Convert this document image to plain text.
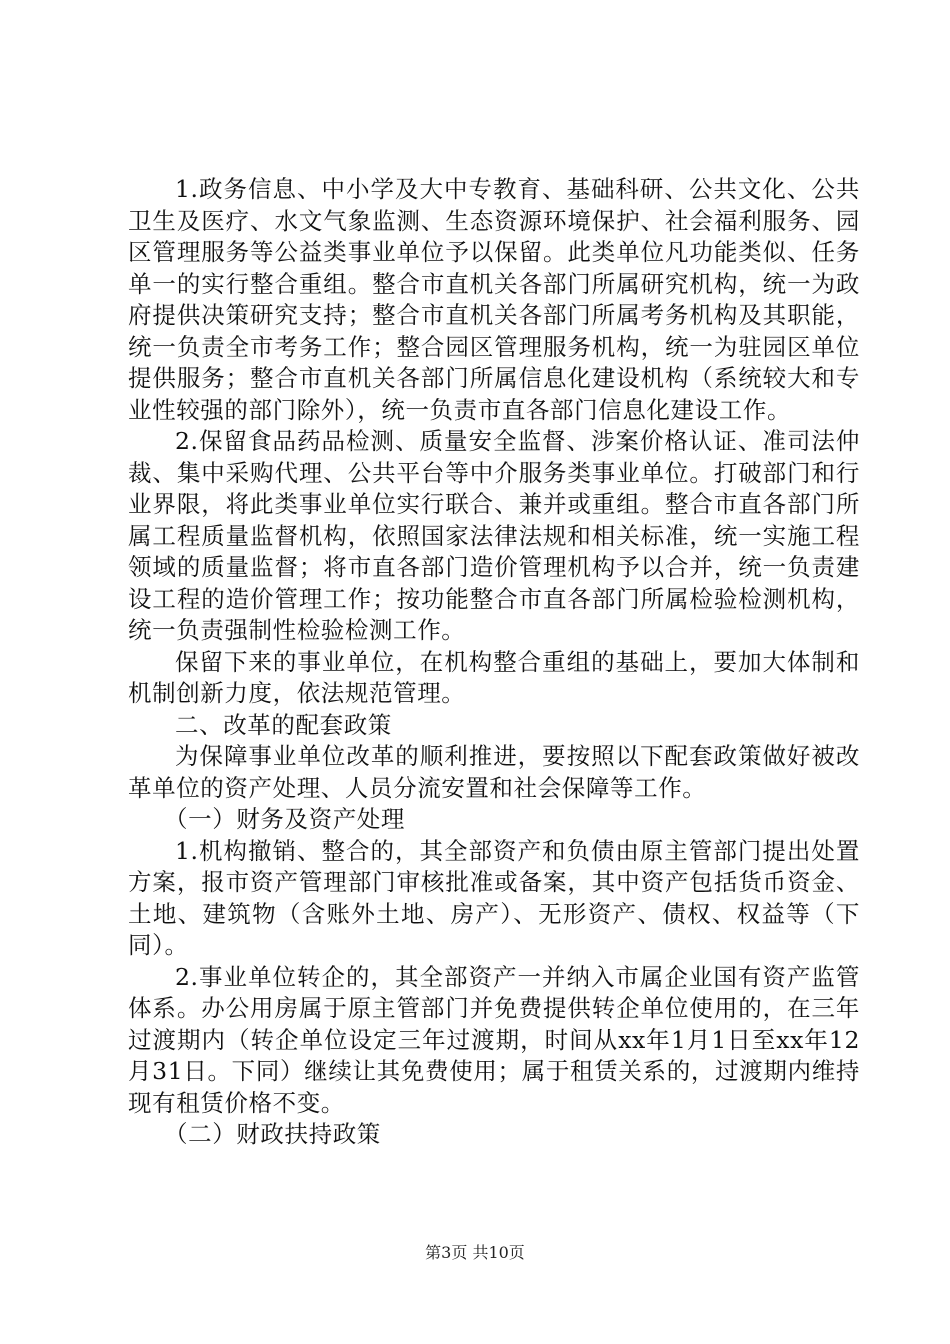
1.政务信息、中小学及大中专教育、基础科研、公共文化、公共卫生及医疗、水文气象监测、生态资源环境保护、社会福利服务、园区管理服务等公益类事业单位予以保留。此类单位凡功能类似、任务单一的实行整合重组。整合市直机关各部门所属研究机构，统一为政府提供决策研究支持；整合市直机关各部门所属考务机构及其职能，统一负责全市考务工作；整合园区管理服务机构，统一为驻园区单位提供服务；整合市直机关各部门所属信息化建设机构（系统较大和专业性较强的部门除外），统一负责市直各部门信息化建设工作。

2.保留食品药品检测、质量安全监督、涉案价格认证、准司法仲裁、集中采购代理、公共平台等中介服务类事业单位。打破部门和行业界限，将此类事业单位实行联合、兼并或重组。整合市直各部门所属工程质量监督机构，依照国家法律法规和相关标准，统一实施工程领域的质量监督；将市直各部门造价管理机构予以合并，统一负责建设工程的造价管理工作；按功能整合市直各部门所属检验检测机构，统一负责强制性检验检测工作。

保留下来的事业单位，在机构整合重组的基础上，要加大体制和机制创新力度，依法规范管理。

二、改革的配套政策

为保障事业单位改革的顺利推进，要按照以下配套政策做好被改革单位的资产处理、人员分流安置和社会保障等工作。

（一）财务及资产处理

1.机构撤销、整合的，其全部资产和负债由原主管部门提出处置方案，报市资产管理部门审核批准或备案，其中资产包括货币资金、土地、建筑物（含账外土地、房产）、无形资产、债权、权益等（下同）。

2.事业单位转企的，其全部资产一并纳入市属企业国有资产监管体系。办公用房属于原主管部门并免费提供转企单位使用的，在三年过渡期内（转企单位设定三年过渡期，时间从xx年1月1日至xx年12月31日。下同）继续让其免费使用；属于租赁关系的，过渡期内维持现有租赁价格不变。

（二）财政扶持政策

第3页 共10页
